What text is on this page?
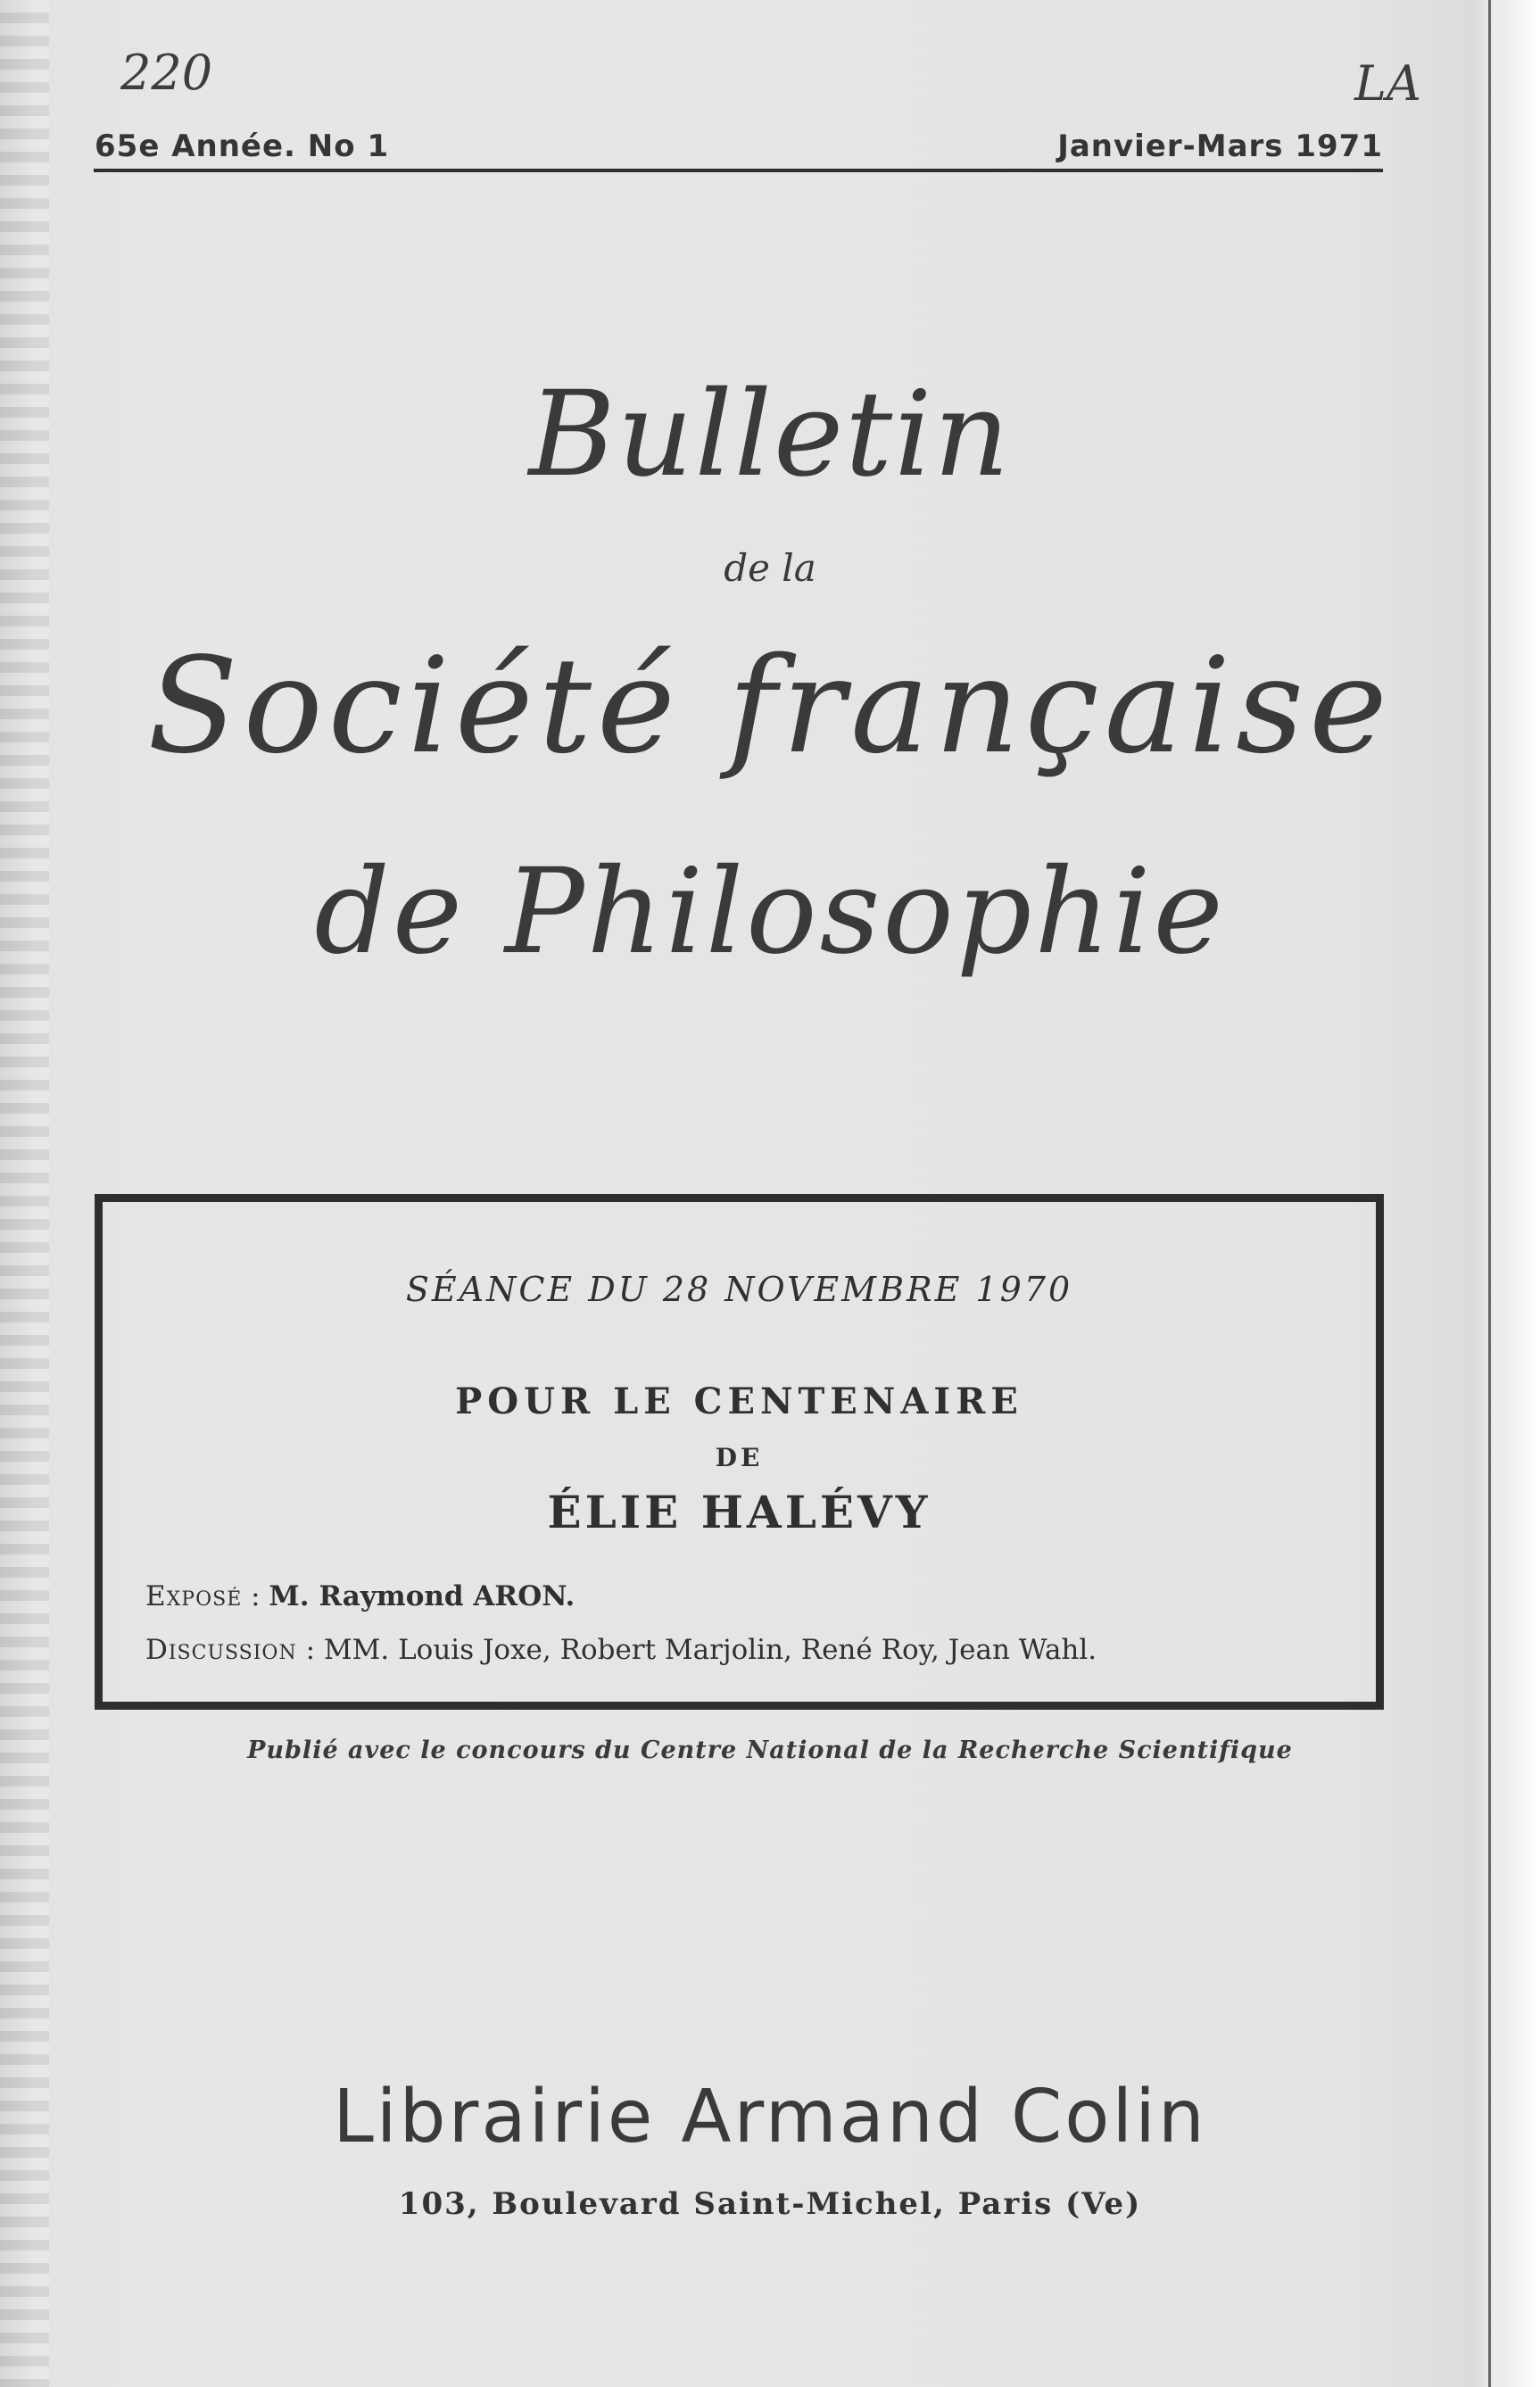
220	LA
65e Année. No 1	Janvier-Mars 1971
Bulletin
de la
Société française
de Philosophie
SÉANCE DU 28 NOVEMBRE 1970
POUR LE CENTENAIRE
DE
ÉLIE HALÉVY
Exposé : M. Raymond ARON.
Discussion : MM. Louis Joxe, Robert Marjolin, René Roy, Jean Wahl.
Publié avec le concours du Centre National de la Recherche Scientifique
Librairie Armand Colin
103, Boulevard Saint-Michel, Paris (Ve)
